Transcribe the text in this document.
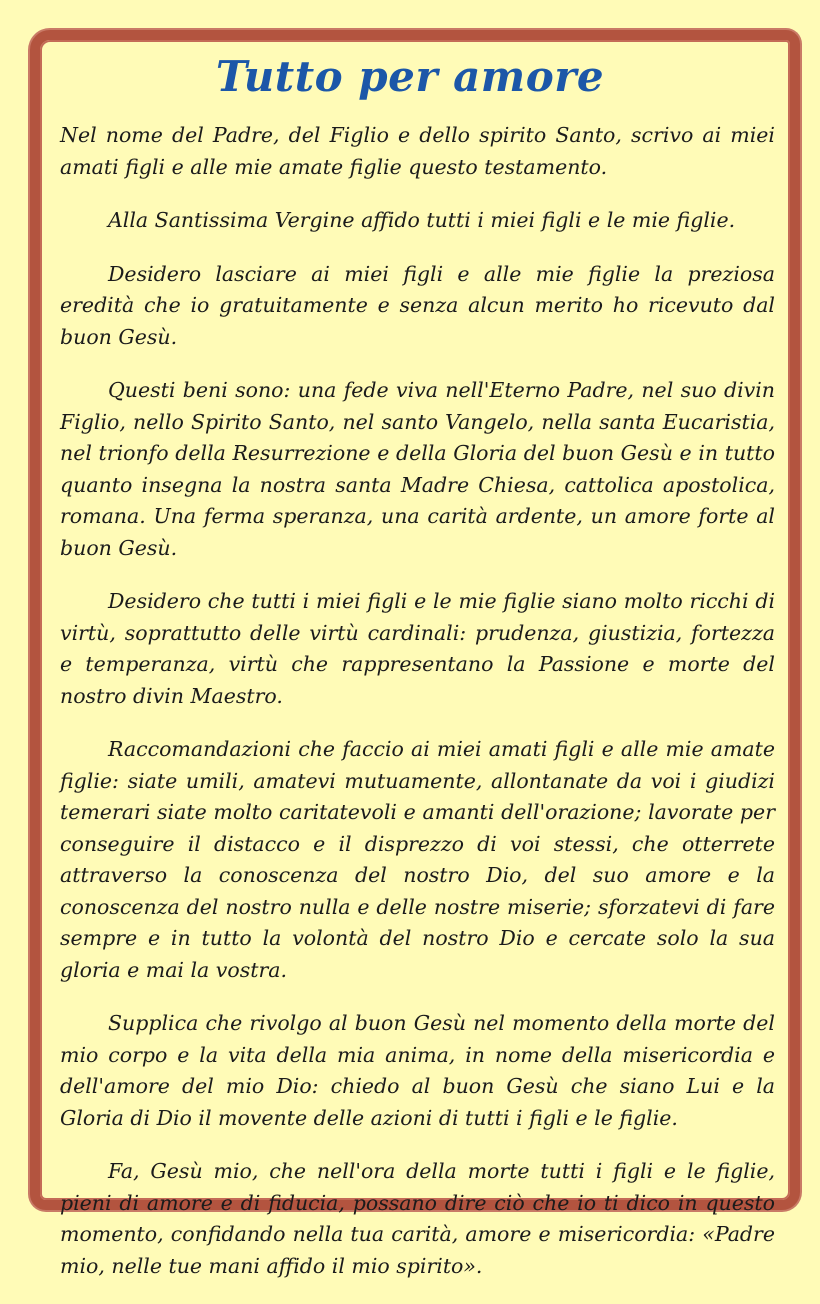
Tutto per amore

Nel nome del Padre, del Figlio e dello spirito Santo, scrivo ai miei amati figli e alle mie amate figlie questo testamento.

Alla Santissima Vergine affido tutti i miei figli e le mie figlie.

Desidero lasciare ai miei figli e alle mie figlie la preziosa eredità che io gratuitamente e senza alcun merito ho ricevuto dal buon Gesù.

Questi beni sono: una fede viva nell'Eterno Padre, nel suo divin Figlio, nello Spirito Santo, nel santo Vangelo, nella santa Eucaristia, nel trionfo della Resurrezione e della Gloria del buon Gesù e in tutto quanto insegna la nostra santa Madre Chiesa, cattolica apostolica, romana. Una ferma speranza, una carità ardente, un amore forte al buon Gesù.

Desidero che tutti i miei figli e le mie figlie siano molto ricchi di virtù, soprattutto delle virtù cardinali: prudenza, giustizia, fortezza e temperanza, virtù che rappresentano la Passione e morte del nostro divin Maestro.

Raccomandazioni che faccio ai miei amati figli e alle mie amate figlie: siate umili, amatevi mutuamente, allontanate da voi i giudizi temerari siate molto caritatevoli e amanti dell'orazione; lavorate per conseguire il distacco e il disprezzo di voi stessi, che otterrete attraverso la conoscenza del nostro Dio, del suo amore e la conoscenza del nostro nulla e delle nostre miserie; sforzatevi di fare sempre e in tutto la volontà del nostro Dio e cercate solo la sua gloria e mai la vostra.

Supplica che rivolgo al buon Gesù nel momento della morte del mio corpo e la vita della mia anima, in nome della misericordia e dell'amore del mio Dio: chiedo al buon Gesù che siano Lui e la Gloria di Dio il movente delle azioni di tutti i figli e le figlie.

Fa, Gesù mio, che nell'ora della morte tutti i figli e le figlie, pieni di amore e di fiducia, possano dire ciò che io ti dico in questo momento, confidando nella tua carità, amore e misericordia: «Padre mio, nelle tue mani affido il mio spirito».
